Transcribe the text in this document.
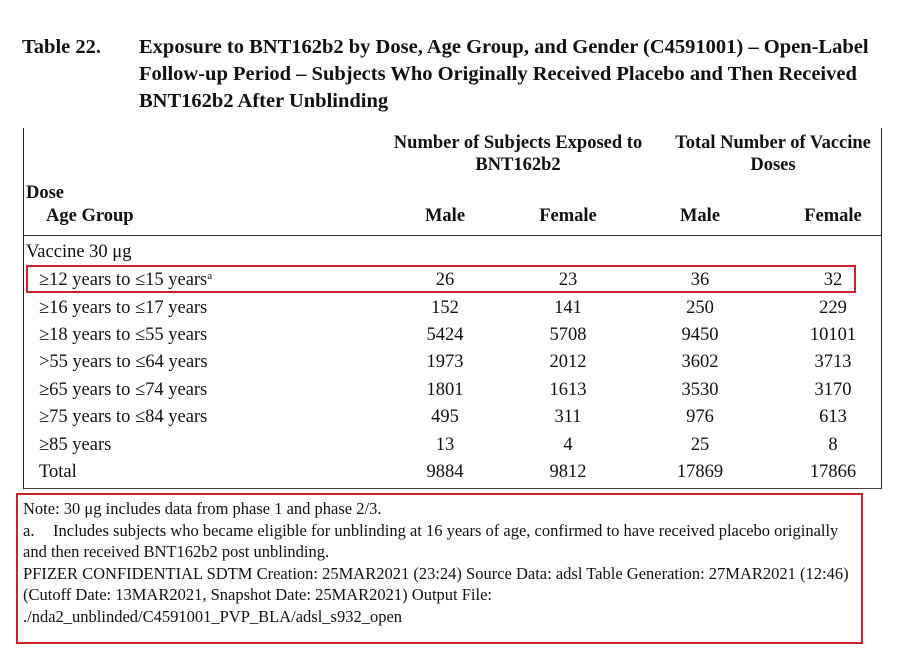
Table 22. Exposure to BNT162b2 by Dose, Age Group, and Gender (C4591001) – Open-Label Follow-up Period – Subjects Who Originally Received Placebo and Then Received BNT162b2 After Unblinding
Number of Subjects Exposed to BNT162b2
Total Number of Vaccine Doses
Dose
Age Group	Male	Female	Male	Female
Vaccine 30 μg
≥12 years to ≤15 years$^a$	26	23	36	32
≥16 years to ≤17 years	152	141	250	229
≥18 years to ≤55 years	5424	5708	9450	10101
>55 years to ≤64 years	1973	2012	3602	3713
≥65 years to ≤74 years	1801	1613	3530	3170
≥75 years to ≤84 years	495	311	976	613
≥85 years	13	4	25	8
Total	9884	9812	17869	17866

Note: 30 μg includes data from phase 1 and phase 2/3.

a. Includes subjects who became eligible for unblinding at 16 years of age, confirmed to have received placebo originally and then received BNT162b2 post unblinding.

PFIZER CONFIDENTIAL SDTM Creation: 25MAR2021 (23:24) Source Data: adsl Table Generation: 27MAR2021 (12:46)

(Cutoff Date: 13MAR2021, Snapshot Date: 25MAR2021) Output File: ./nda2_unblinded/C4591001_PVP_BLA/adsl_s932_open
